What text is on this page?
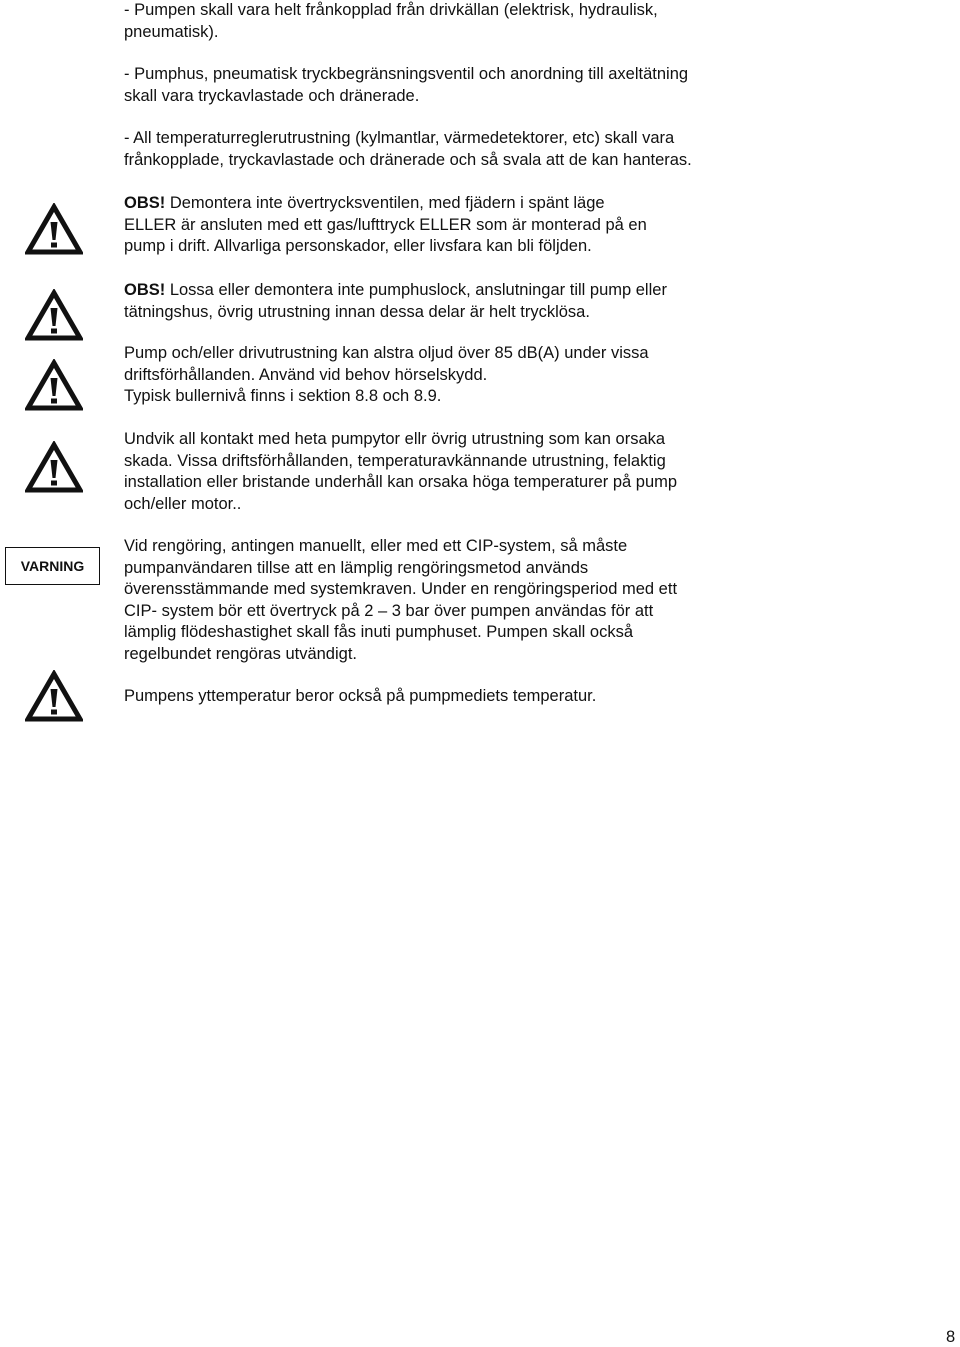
- Pumpen skall vara helt frånkopplad från drivkällan (elektrisk, hydraulisk,
pneumatisk).
- Pumphus, pneumatisk tryckbegränsningsventil och anordning till axeltätning
skall vara tryckavlastade och dränerade.
- All temperaturreglerutrustning (kylmantlar, värmedetektorer, etc) skall vara
frånkopplade, tryckavlastade och dränerade och så svala att de kan hanteras.
OBS! Demontera inte övertrycksventilen, med fjädern i spänt läge
ELLER är ansluten med ett gas/lufttryck ELLER som är monterad på en
pump i drift. Allvarliga personskador, eller livsfara kan bli följden.
OBS! Lossa eller demontera inte pumphuslock, anslutningar till pump eller
tätningshus, övrig utrustning innan dessa delar är helt trycklösa.
Pump och/eller drivutrustning kan alstra oljud över 85 dB(A) under vissa
driftsförhållanden. Använd vid behov hörselskydd.
Typisk bullernivå finns i sektion 8.8 och 8.9.
Undvik all kontakt med heta pumpytor ellr övrig utrustning som kan orsaka
skada. Vissa driftsförhållanden, temperaturavkännande utrustning, felaktig
installation eller bristande underhåll kan orsaka höga temperaturer på pump
och/eller motor..
VARNING
Vid rengöring, antingen manuellt, eller med ett CIP-system, så måste
pumpanvändaren tillse att en lämplig rengöringsmetod används
överensstämmande med systemkraven. Under en rengöringsperiod med ett
CIP- system bör ett övertryck på 2 – 3 bar över pumpen användas för att
lämplig flödeshastighet skall fås inuti pumphuset. Pumpen skall också
regelbundet rengöras utvändigt.
Pumpens yttemperatur beror också på pumpmediets temperatur.
8
